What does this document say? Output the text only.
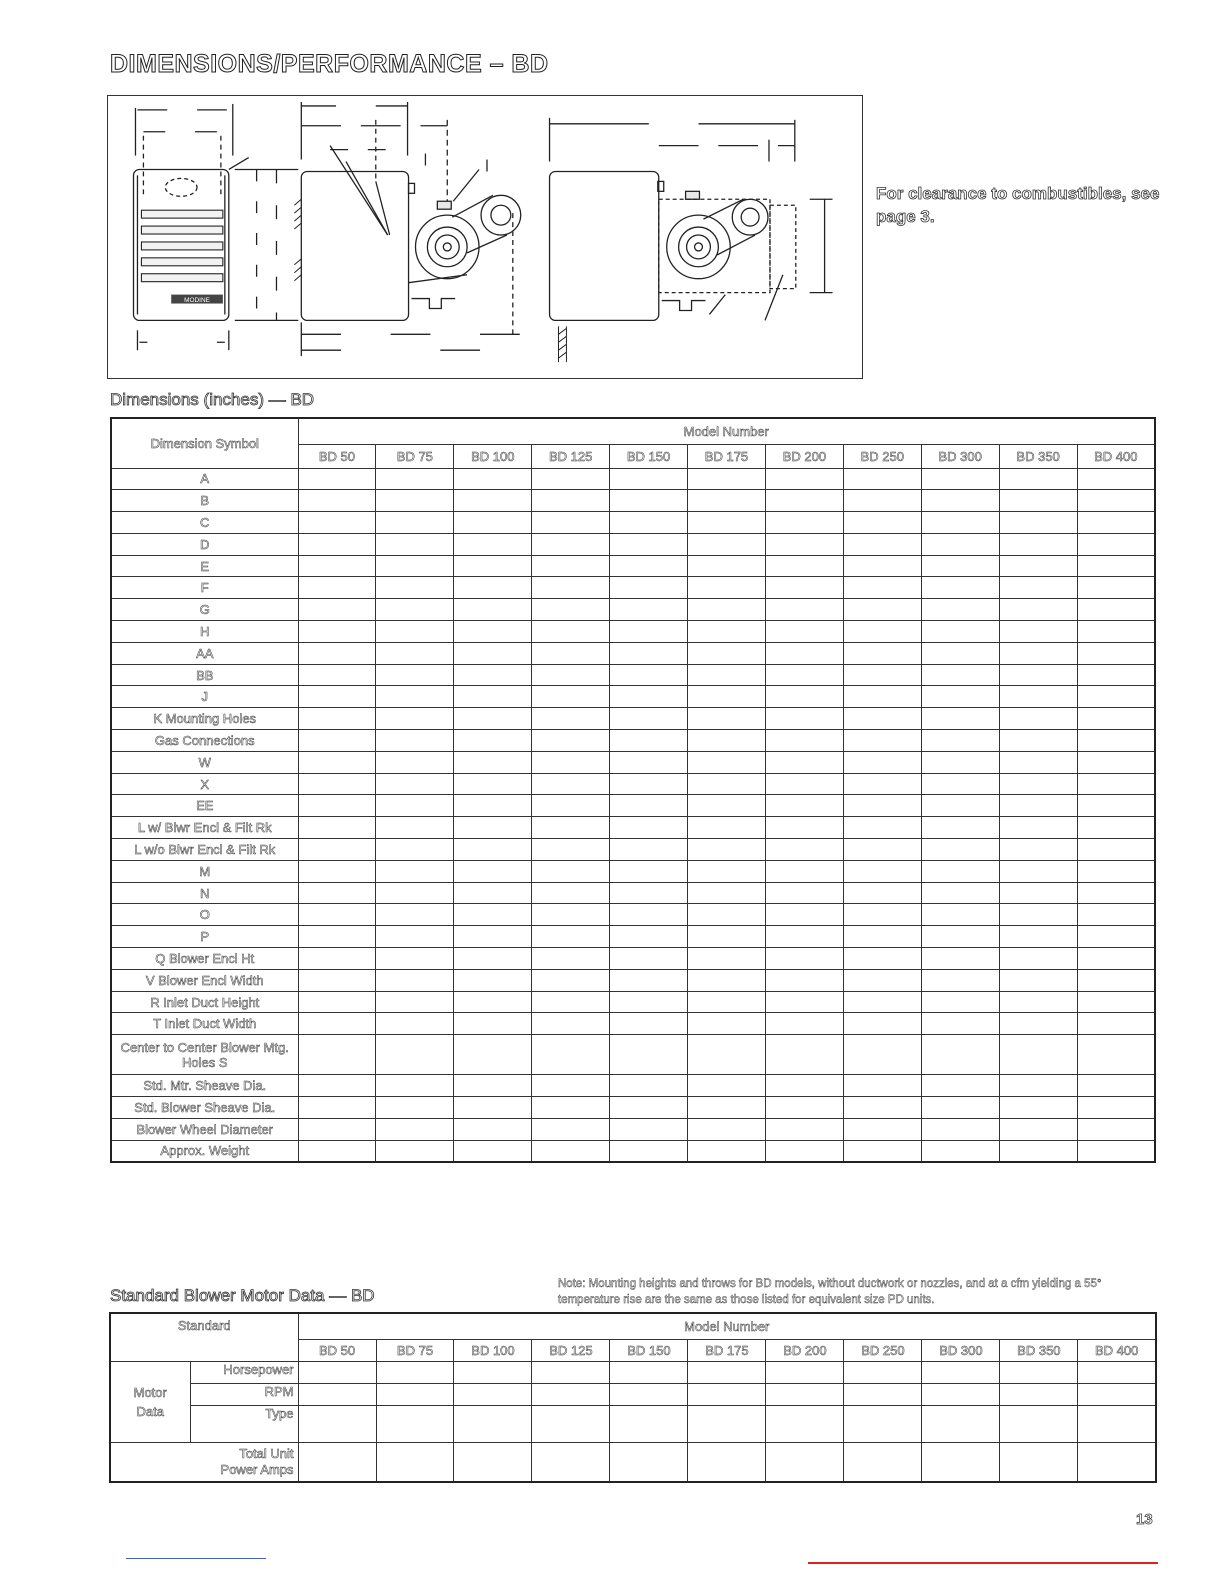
DIMENSIONS/PERFORMANCE – BD
MODINE
For clearance to combustibles, see page 3.
Dimensions (inches) — BD
Dimension Symbol	Model Number										
	BD 50	BD 75	BD 100	BD 125	BD 150	BD 175	BD 200	BD 250	BD 300	BD 350	BD 400
A											
B											
C											
D											
E											
F											
G											
H											
AA											
BB											
J											
K Mounting Holes											
Gas Connections											
W											
X											
EE											
L w/ Blwr Encl & Filt Rk											
L w/o Blwr Encl & Filt Rk											
M											
N											
O											
P											
Q Blower Encl Ht											
V Blower Encl Width											
R Inlet Duct Height											
T Inlet Duct Width											
Center to Center Blower Mtg. Holes S											
Std. Mtr. Sheave Dia.											
Std. Blower Sheave Dia.											
Blower Wheel Diameter											
Approx. Weight											
Standard Blower Motor Data — BD
Note: Mounting heights and throws for BD models, without ductwork or nozzles, and at a cfm yielding a 55° temperature rise are the same as those listed for equivalent size PD units.
Standard		Model Number										
		BD 50	BD 75	BD 100	BD 125	BD 150	BD 175	BD 200	BD 250	BD 300	BD 350	BD 400
Motor Data	Horsepower											
	RPM											
	Type											
Total Unit Power Amps												
13
